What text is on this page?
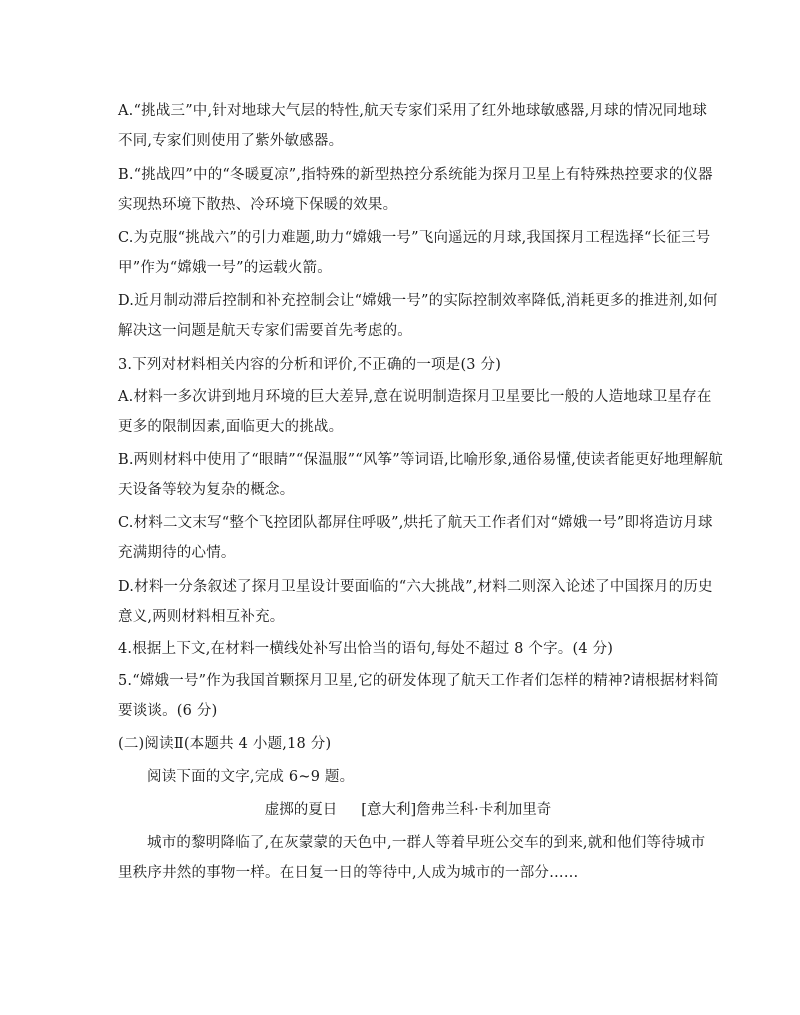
A.“挑战三”中,针对地球大气层的特性,航天专家们采用了红外地球敏感器,月球的情况同地球
不同,专家们则使用了紫外敏感器。
B.“挑战四”中的“冬暖夏凉”,指特殊的新型热控分系统能为探月卫星上有特殊热控要求的仪器
实现热环境下散热、冷环境下保暖的效果。
C.为克服“挑战六”的引力难题,助力“嫦娥一号”飞向遥远的月球,我国探月工程选择“长征三号
甲”作为“嫦娥一号”的运载火箭。
D.近月制动滞后控制和补充控制会让“嫦娥一号”的实际控制效率降低,消耗更多的推进剂,如何
解决这一问题是航天专家们需要首先考虑的。
3.下列对材料相关内容的分析和评价,不正确的一项是(3 分)
A.材料一多次讲到地月环境的巨大差异,意在说明制造探月卫星要比一般的人造地球卫星存在
更多的限制因素,面临更大的挑战。
B.两则材料中使用了“眼睛”“保温服”“风筝”等词语,比喻形象,通俗易懂,使读者能更好地理解航
天设备等较为复杂的概念。
C.材料二文末写“整个飞控团队都屏住呼吸”,烘托了航天工作者们对“嫦娥一号”即将造访月球
充满期待的心情。
D.材料一分条叙述了探月卫星设计要面临的“六大挑战”,材料二则深入论述了中国探月的历史
意义,两则材料相互补充。
4.根据上下文,在材料一横线处补写出恰当的语句,每处不超过 8 个字。(4 分)
5.“嫦娥一号”作为我国首颗探月卫星,它的研发体现了航天工作者们怎样的精神?请根据材料简
要谈谈。(6 分)
(二)阅读Ⅱ(本题共 4 小题,18 分)
阅读下面的文字,完成 6~9 题。
虚掷的夏日 [意大利]詹弗兰科·卡利加里奇
城市的黎明降临了,在灰蒙蒙的天色中,一群人等着早班公交车的到来,就和他们等待城市
里秩序井然的事物一样。在日复一日的等待中,人成为城市的一部分……
